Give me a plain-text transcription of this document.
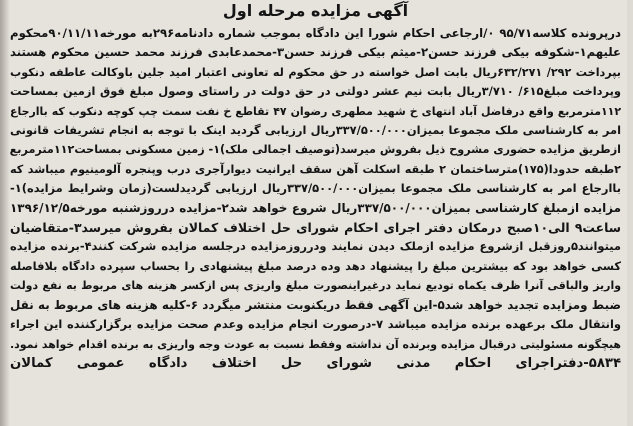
آگهی مزایده مرحله اول
درپرونده کلاسه۹۵/۷۱ ۰/ارجاعی احکام شورا این دادگاه بموجب شماره دادنامه۲۹۶به مورخه۹۰/۱۱/۱۱محکوم
علیهم۱-شکوفه بیکی فرزند حسن۲-میثم بیکی فرزند حسن۳-محمدعابدی فرزند محمد حسین محکوم هستند
بپرداخت ۲۹۲/ ۶۳۲/۲۷۱ریال بابت اصل خواسته در حق محکوم له تعاونی اعتبار امید جلین باوکالت عاطفه دنکوب
وپرداخت مبلغ۶۱۵/ ۳/۷۱۰ریال بابت نیم عشر دولتی در حق دولت در راستای وصول مبلغ فوق ازمین بمساحت
۱۱۲مترمربع واقع درفاضل آباد انتهای خ شهید مطهری رضوان ۴۷ تقاطع خ نفت سمت چپ کوچه دنکوب که باارجاع
امر به کارشناسی ملک مجموعا بمیزان۳۳۷/۵۰۰/۰۰۰ریال ارزیابی گردید اینک با توجه به انجام تشریفات قانونی
ازطریق مزایده حضوری مشروح ذیل بفروش میرسد(توصیف اجمالی ملک)۱- زمین مسکونی بمساحت۱۱۲مترمربع
۲طبقه حدودا(۱۷۵)مترساختمان ۲ طبقه اسکلت آهن سقف ایرانیت دیوارآجری درب وپنجره آلومینیوم میباشد که
باارجاع امر به کارشناسی ملک مجموعا بمیزان۳۳۷/۵۰۰/۰۰۰ریال ارزیابی گردیدلست(زمان وشرایط مزایده)۱-
مزایده ازمبلغ کارشناسی بمیزان۳۳۷/۵۰۰/۰۰۰ریال شروع خواهد شد۲-مزایده درروزشنبه مورخه۱۳۹۶/۱۲/۵
ساعت۹ الی۱۰صبح درمکان دفتر اجرای احکام شورای حل اختلاف کمالان بفروش میرسد۳-متقاضیان
میتوانند۵روزقبل ازشروع مزایده ازملک دیدن نمایند ودرروزمزایده درجلسه مزایده شرکت کنند۴-برنده مزایده
کسی خواهد بود که بیشترین مبلغ را پیشنهاد دهد وده درصد مبلغ پیشنهادی را بحساب سپرده دادگاه بلافاصله
واریز والباقی آنرا ظرف یکماه تودیع نماید درغیراینصورت مبلغ واریزی پس ازکسر هزینه های مربوط به نفع دولت
ضبط ومزایده تجدید خواهد شد۵-این آگهی فقط دریکنوبت منتشر میگردد ۶-کلیه هزینه های مربوط به نقل
وانتقال ملک برعهده برنده مزایده میباشد ۷-درصورت انجام مزایده وعدم صحت مزایده برگزارکننده این اجراء
هیچگونه مسئولیتی درقبال مزایده وبرنده آن نداشته وفقط نسبت به عودت وجه واریزی به برنده اقدام خواهد نمود.
۵۸۳۴-دفتراجرای احکام مدنی شورای حل اختلاف دادگاه عمومی کمالان
